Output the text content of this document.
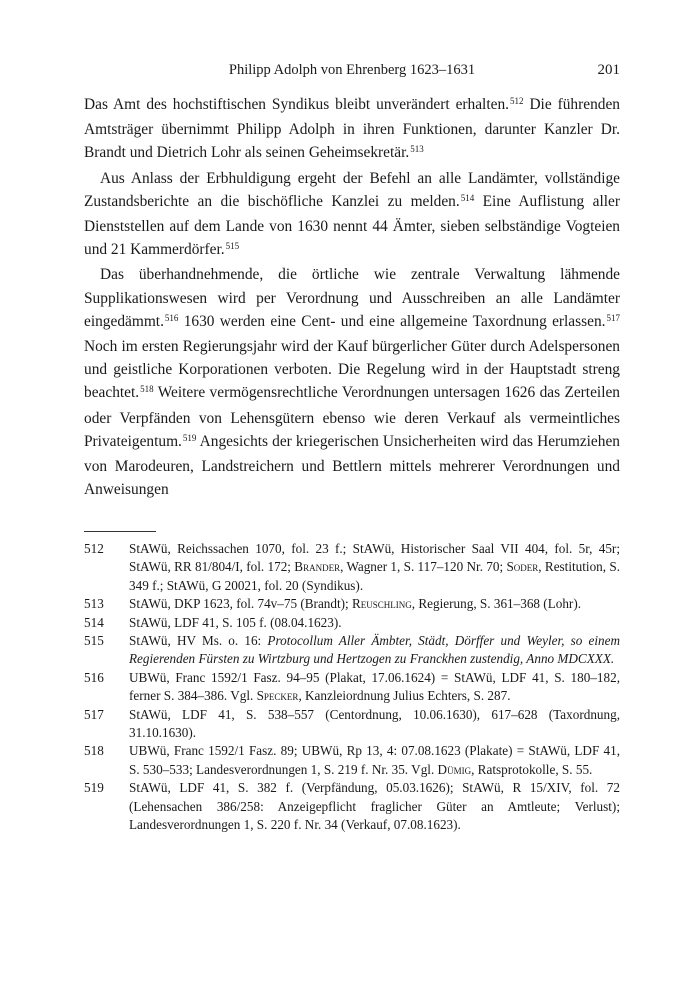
Philipp Adolph von Ehrenberg 1623–1631	201

Das Amt des hochstiftischen Syndikus bleibt unverändert erhalten.$^{512}$ Die führenden Amtsträger übernimmt Philipp Adolph in ihren Funktionen, darunter Kanzler Dr. Brandt und Dietrich Lohr als seinen Geheimsekretär.$^{513}$

Aus Anlass der Erbhuldigung ergeht der Befehl an alle Landämter, vollständige Zustandsberichte an die bischöfliche Kanzlei zu melden.$^{514}$ Eine Auflistung aller Dienststellen auf dem Lande von 1630 nennt 44 Ämter, sieben selbständige Vogteien und 21 Kammerdörfer.$^{515}$

Das überhandnehmende, die örtliche wie zentrale Verwaltung lähmende Supplikationswesen wird per Verordnung und Ausschreiben an alle Landämter eingedämmt.$^{516}$ 1630 werden eine Cent- und eine allgemeine Taxordnung erlassen.$^{517}$ Noch im ersten Regierungsjahr wird der Kauf bürgerlicher Güter durch Adelspersonen und geistliche Korporationen verboten. Die Regelung wird in der Hauptstadt streng beachtet.$^{518}$ Weitere vermögensrechtliche Verordnungen untersagen 1626 das Zerteilen oder Verpfänden von Lehensgütern ebenso wie deren Verkauf als vermeintliches Privateigentum.$^{519}$ Angesichts der kriegerischen Unsicherheiten wird das Herumziehen von Marodeuren, Landstreichern und Bettlern mittels mehrerer Verordnungen und Anweisungen

512 StAWü, Reichssachen 1070, fol. 23 f.; StAWü, Historischer Saal VII 404, fol. 5r, 45r; StAWü, RR 81/804/I, fol. 172; Brander, Wagner 1, S. 117–120 Nr. 70; Soder, Restitution, S. 349 f.; StAWü, G 20021, fol. 20 (Syndikus).

513 StAWü, DKP 1623, fol. 74v–75 (Brandt); Reuschling, Regierung, S. 361–368 (Lohr).

514 StAWü, LDF 41, S. 105 f. (08.04.1623).

515 StAWü, HV Ms. o. 16: Protocollum Aller Ämbter, Städt, Dörffer und Weyler, so einem Regierenden Fürsten zu Wirtzburg und Hertzogen zu Franckhen zustendig, Anno MDCXXX.

516 UBWü, Franc 1592/1 Fasz. 94–95 (Plakat, 17.06.1624) = StAWü, LDF 41, S. 180–182, ferner S. 384–386. Vgl. Specker, Kanzleiordnung Julius Echters, S. 287.

517 StAWü, LDF 41, S. 538–557 (Centordnung, 10.06.1630), 617–628 (Taxordnung, 31.10.1630).

518 UBWü, Franc 1592/1 Fasz. 89; UBWü, Rp 13, 4: 07.08.1623 (Plakate) = StAWü, LDF 41, S. 530–533; Landesverordnungen 1, S. 219 f. Nr. 35. Vgl. Dümig, Ratsprotokolle, S. 55.

519 StAWü, LDF 41, S. 382 f. (Verpfändung, 05.03.1626); StAWü, R 15/XIV, fol. 72 (Lehensachen 386/258: Anzeigepflicht fraglicher Güter an Amtleute; Verlust); Landesverordnungen 1, S. 220 f. Nr. 34 (Verkauf, 07.08.1623).
